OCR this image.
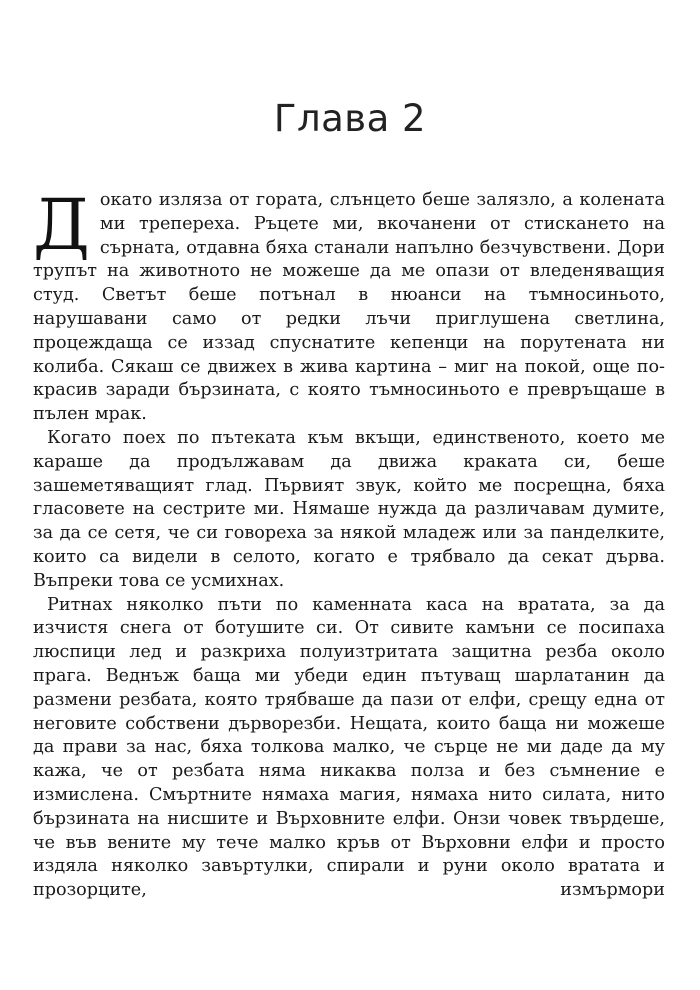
Глава 2

Докато изляза от гората, слънцето беше залязло, а колената ми трепереха. Ръцете ми, вкочанени от стискането на сърната, отдавна бяха станали напълно безчувствени. Дори трупът на животното не можеше да ме опази от вледеняващия студ. Светът беше потънал в нюанси на тъмносиньото, нарушавани само от редки лъчи приглушена светлина, процеждаща се иззад спуснатите кепенци на порутената ни колиба. Сякаш се движех в жива картина – миг на покой, още по-красив заради бързината, с която тъмносиньото е превръщаше в пълен мрак.

Когато поех по пътеката към вкъщи, единственото, което ме караше да продължавам да движа краката си, беше зашеметяващият глад. Първият звук, който ме посрещна, бяха гласовете на сестрите ми. Нямаше нужда да различавам думите, за да се сетя, че си говореха за някой младеж или за панделките, които са видели в селото, когато е трябвало да секат дърва. Въпреки това се усмихнах.

Ритнах няколко пъти по каменната каса на вратата, за да изчистя снега от ботушите си. От сивите камъни се посипаха люспици лед и разкриха полуизтритата защитна резба около прага. Веднъж баща ми убеди един пътуващ шарлатанин да размени резбата, която трябваше да пази от елфи, срещу една от неговите собствени дърворезби. Нещата, които баща ни можеше да прави за нас, бяха толкова малко, че сърце не ми даде да му кажа, че от резбата няма никаква полза и без съмнение е измислена. Смъртните нямаха магия, нямаха нито силата, нито бързината на нисшите и Върховните елфи. Онзи човек твърдеше, че във вените му тече малко кръв от Върховни елфи и просто издяла няколко завъртулки, спирали и руни около вратата и прозорците, измърмори
